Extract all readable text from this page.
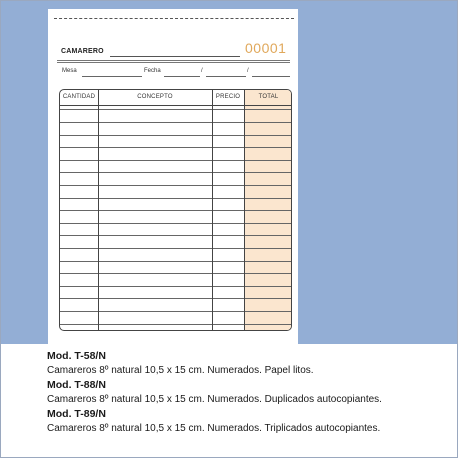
CAMARERO	00001
Mesa	Fecha	/	/
CANTIDAD	CONCEPTO	PRECIO	TOTAL
Mod. T-58/N
Camareros 8º natural 10,5 x 15 cm. Numerados. Papel litos.
Mod. T-88/N
Camareros 8º natural 10,5 x 15 cm. Numerados. Duplicados autocopiantes.
Mod. T-89/N
Camareros 8º natural 10,5 x 15 cm. Numerados. Triplicados autocopiantes.
